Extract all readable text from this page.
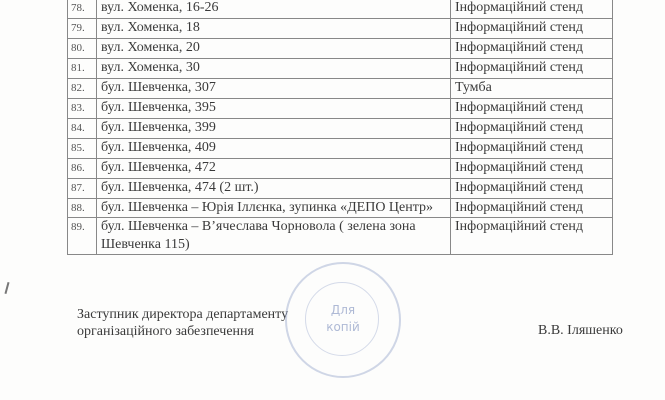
78.	вул. Хоменка, 16-26	Інформаційний стенд
79.	вул. Хоменка, 18	Інформаційний стенд
80.	вул. Хоменка, 20	Інформаційний стенд
81.	вул. Хоменка, 30	Інформаційний стенд
82.	бул. Шевченка, 307	Тумба
83.	бул. Шевченка, 395	Інформаційний стенд
84.	бул. Шевченка, 399	Інформаційний стенд
85.	бул. Шевченка, 409	Інформаційний стенд
86.	бул. Шевченка, 472	Інформаційний стенд
87.	бул. Шевченка, 474 (2 шт.)	Інформаційний стенд
88.	бул. Шевченка – Юрія Іллєнка, зупинка «ДЕПО Центр»	Інформаційний стенд
89.	бул. Шевченка – В’ячеслава Чорновола ( зелена зона Шевченка 115)	Інформаційний стенд
Заступник директора департаменту
організаційного забезпечення	В.В. Іляшенко
Для
копій
